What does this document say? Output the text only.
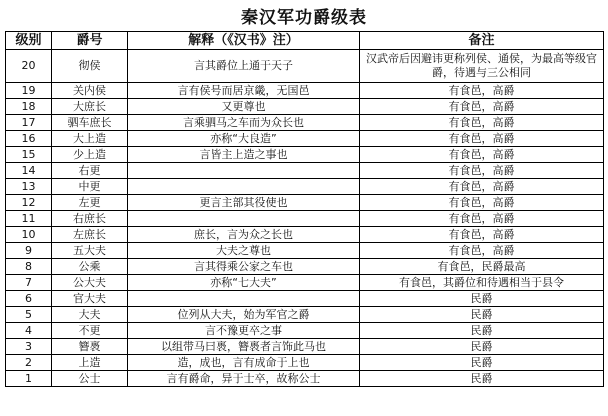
秦汉军功爵级表
级别	爵号	解释（《汉书》注）	备注
20	彻侯	言其爵位上通于天子	汉武帝后因避讳更称列侯、通侯，为最高等级官爵，待遇与三公相同
19	关内侯	言有侯号而居京畿，无国邑	有食邑，高爵
18	大庶长	又更尊也	有食邑，高爵
17	驷车庶长	言乘驷马之车而为众长也	有食邑，高爵
16	大上造	亦称“大良造”	有食邑，高爵
15	少上造	言皆主上造之事也	有食邑，高爵
14	右更		有食邑，高爵
13	中更		有食邑，高爵
12	左更	更言主部其役使也	有食邑，高爵
11	右庶长		有食邑，高爵
10	左庶长	庶长，言为众之长也	有食邑，高爵
9	五大夫	大夫之尊也	有食邑，高爵
8	公乘	言其得乘公家之车也	有食邑，民爵最高
7	公大夫	亦称“七大夫”	有食邑，其爵位和待遇相当于县令
6	官大夫		民爵
5	大夫	位列从大夫，始为军官之爵	民爵
4	不更	言不豫更卒之事	民爵
3	簪褭	以组带马曰褭，簪褭者言饰此马也	民爵
2	上造	造，成也，言有成命于上也	民爵
1	公士	言有爵命，异于士卒，故称公士	民爵
